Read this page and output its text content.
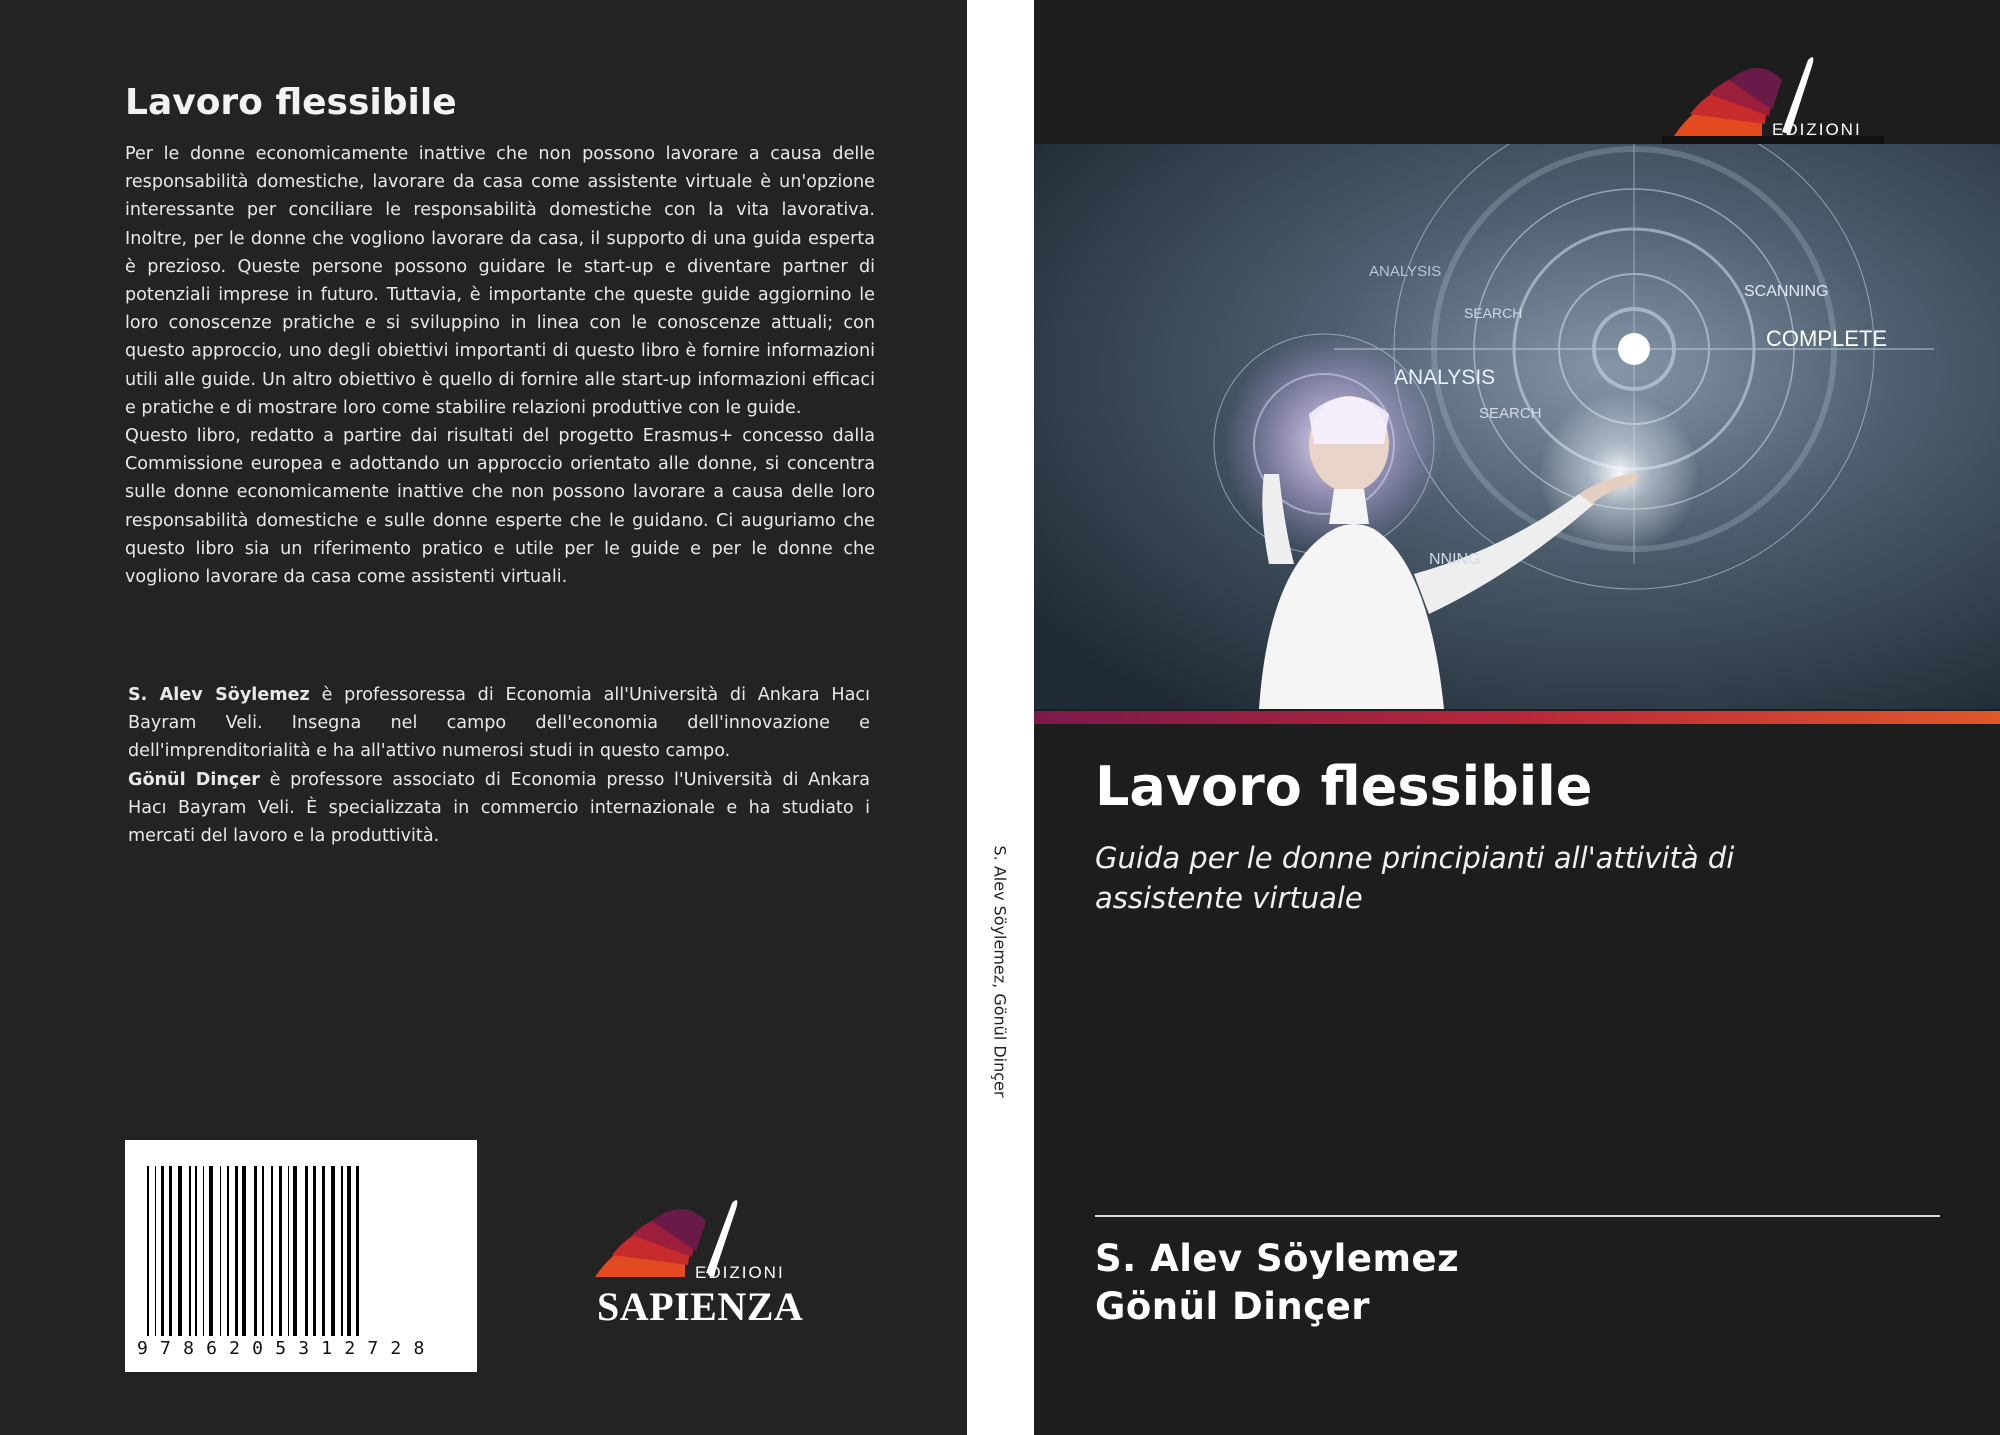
Lavoro flessibile

Per le donne economicamente inattive che non possono lavorare a causa delle responsabilità domestiche, lavorare da casa come assistente virtuale è un'opzione interessante per conciliare le responsabilità domestiche con la vita lavorativa. Inoltre, per le donne che vogliono lavorare da casa, il supporto di una guida esperta è prezioso. Queste persone possono guidare le start-up e diventare partner di potenziali imprese in futuro. Tuttavia, è importante che queste guide aggiornino le loro conoscenze pratiche e si sviluppino in linea con le conoscenze attuali; con questo approccio, uno degli obiettivi importanti di questo libro è fornire informazioni utili alle guide. Un altro obiettivo è quello di fornire alle start-up informazioni efficaci e pratiche e di mostrare loro come stabilire relazioni produttive con le guide.

Questo libro, redatto a partire dai risultati del progetto Erasmus+ concesso dalla Commissione europea e adottando un approccio orientato alle donne, si concentra sulle donne economicamente inattive che non possono lavorare a causa delle loro responsabilità domestiche e sulle donne esperte che le guidano. Ci auguriamo che questo libro sia un riferimento pratico e utile per le guide e per le donne che vogliono lavorare da casa come assistenti virtuali.

S. Alev Söylemez è professoressa di Economia all'Università di Ankara Hacı Bayram Veli. Insegna nel campo dell'economia dell'innovazione e dell'imprenditorialità e ha all'attivo numerosi studi in questo campo.

Gönül Dinçer è professore associato di Economia presso l'Università di Ankara Hacı Bayram Veli. È specializzata in commercio internazionale e ha studiato i mercati del lavoro e la produttività.

9786205312728
EDIZIONI
SAPIENZA
S. Alev Söylemez, Gönül Dinçer
EDIZIONI
SCANNING
COMPLETE
ANALYSIS
ANALYSIS
SEARCH
SEARCH
NNING
Lavoro flessibile
Guida per le donne principianti all'attività di assistente virtuale
S. Alev Söylemez
Gönül Dinçer
